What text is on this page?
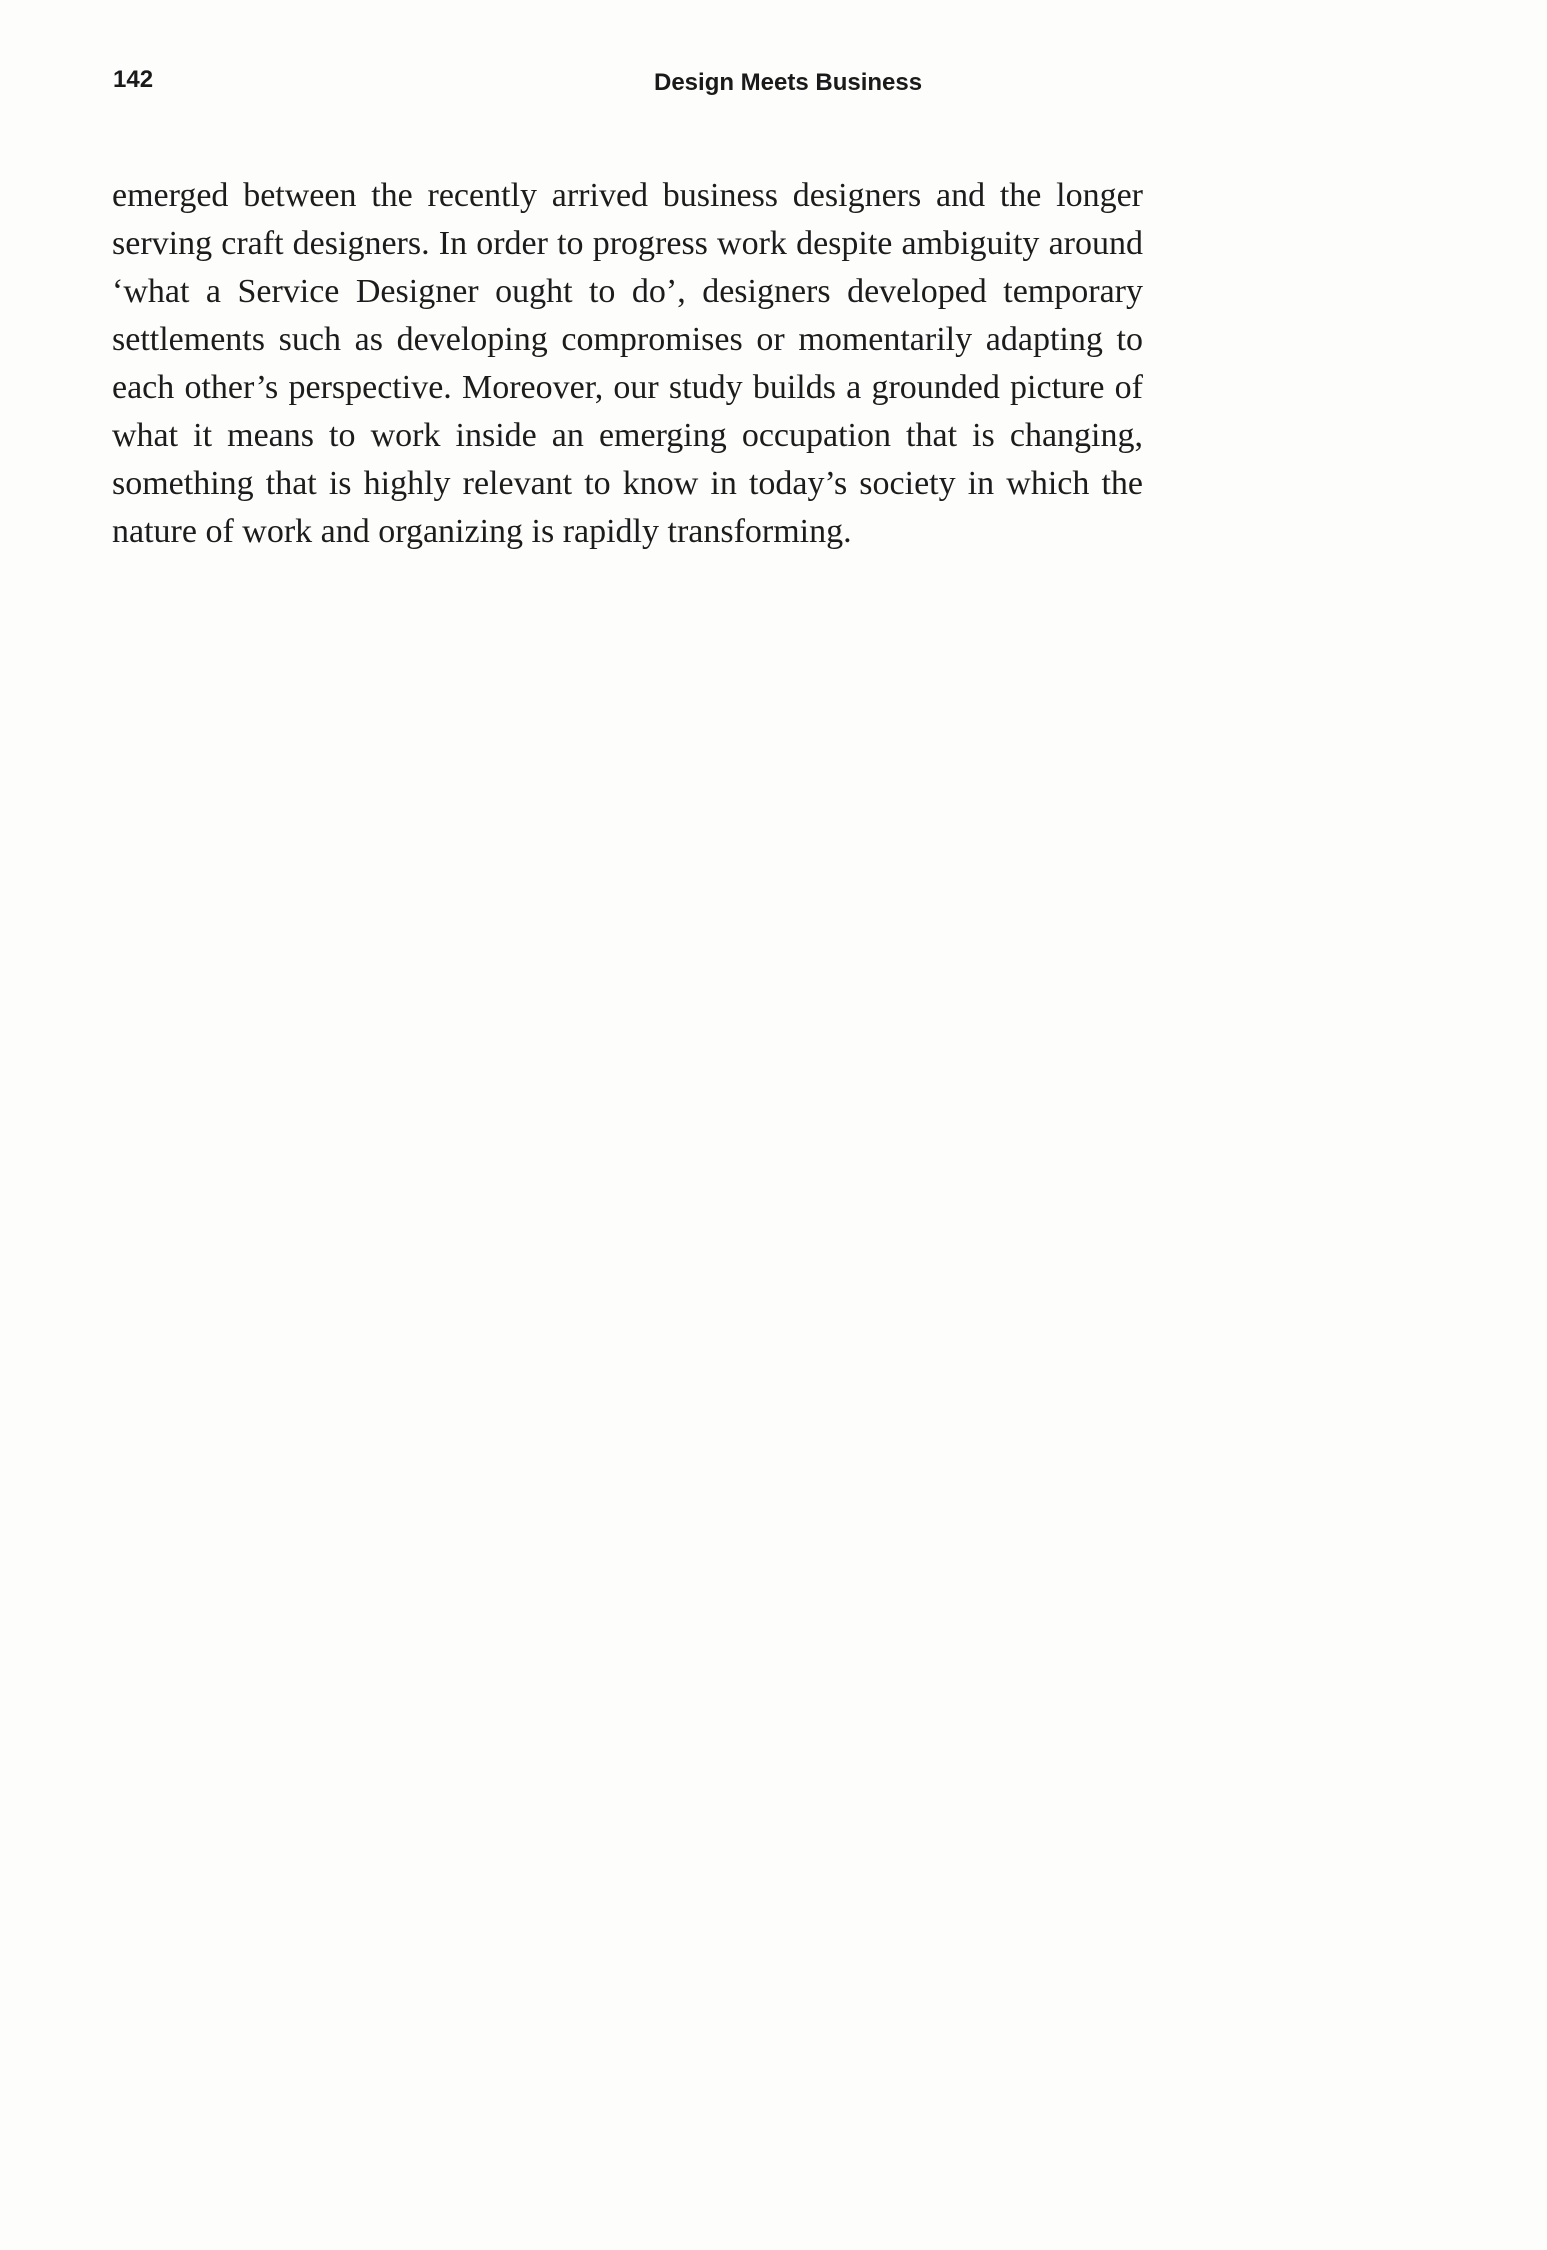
142	Design Meets Business

emerged between the recently arrived business designers and the longer serving craft designers. In order to progress work despite ambiguity around ‘what a Service Designer ought to do’, designers developed temporary settlements such as developing compromises or momentarily adapting to each other’s perspective. Moreover, our study builds a grounded picture of what it means to work inside an emerging occupation that is changing, something that is highly relevant to know in today’s society in which the nature of work and organizing is rapidly transforming.
